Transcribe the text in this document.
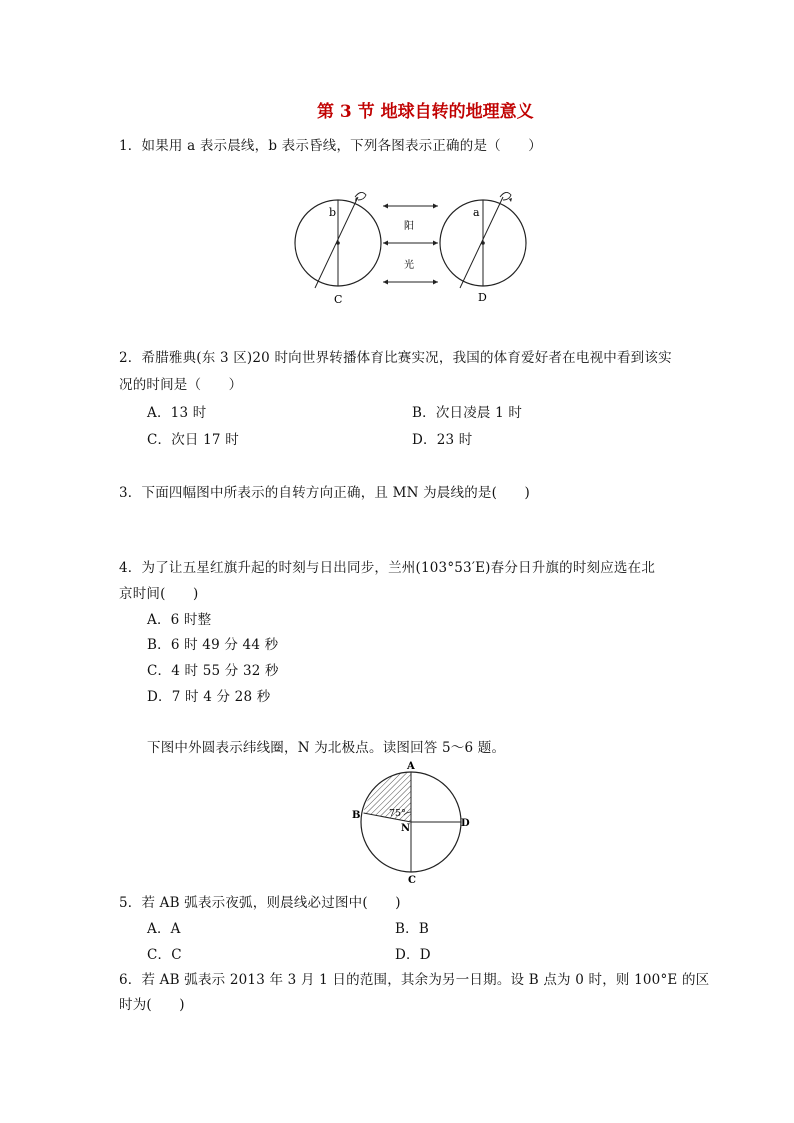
第 3 节 地球自转的地理意义
1．如果用 a 表示晨线，b 表示昏线，下列各图表示正确的是（　　）
b
C
阳
光
a
D
2．希腊雅典(东 3 区)20 时向世界转播体育比赛实况，我国的体育爱好者在电视中看到该实
况的时间是（　　）
A．13 时	B．次日凌晨 1 时
C．次日 17 时	D．23 时
3．下面四幅图中所表示的自转方向正确，且 MN 为晨线的是(　　)
4．为了让五星红旗升起的时刻与日出同步，兰州(103°53′E)春分日升旗的时刻应选在北
京时间(　　)
A．6 时整
B．6 时 49 分 44 秒
C．4 时 55 分 32 秒
D．7 时 4 分 28 秒
下图中外圆表示纬线圈，N 为北极点。读图回答 5～6 题。
75°
A
B
C
D
N
5．若 AB 弧表示夜弧，则晨线必过图中(　　)
A．A	B．B
C．C	D．D
6．若 AB 弧表示 2013 年 3 月 1 日的范围，其余为另一日期。设 B 点为 0 时，则 100°E 的区
时为(　　)
